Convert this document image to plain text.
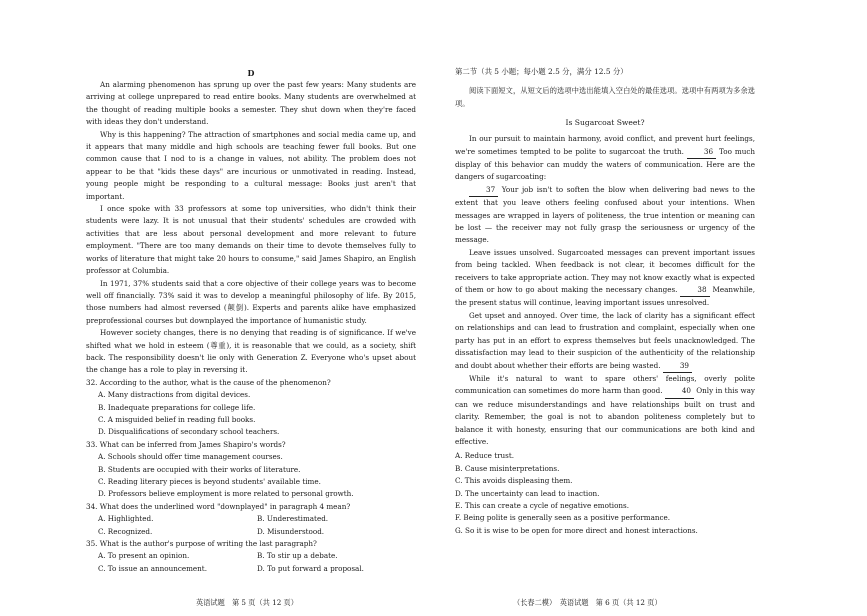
D

An alarming phenomenon has sprung up over the past few years: Many students are arriving at college unprepared to read entire books. Many students are overwhelmed at the thought of reading multiple books a semester. They shut down when they're faced with ideas they don't understand.

Why is this happening? The attraction of smartphones and social media came up, and it appears that many middle and high schools are teaching fewer full books. But one common cause that I nod to is a change in values, not ability. The problem does not appear to be that "kids these days" are incurious or unmotivated in reading. Instead, young people might be responding to a cultural message: Books just aren't that important.

I once spoke with 33 professors at some top universities, who didn't think their students were lazy. It is not unusual that their students' schedules are crowded with activities that are less about personal development and more relevant to future employment. "There are too many demands on their time to devote themselves fully to works of literature that might take 20 hours to consume," said James Shapiro, an English professor at Columbia.

In 1971, 37% students said that a core objective of their college years was to become well off financially. 73% said it was to develop a meaningful philosophy of life. By 2015, those numbers had almost reversed (颠倒). Experts and parents alike have emphasized preprofessional courses but downplayed the importance of humanistic study.

However society changes, there is no denying that reading is of significance. If we've shifted what we hold in esteem (尊重), it is reasonable that we could, as a society, shift back. The responsibility doesn't lie only with Generation Z. Everyone who's upset about the change has a role to play in reversing it.

32. According to the author, what is the cause of the phenomenon?

A. Many distractions from digital devices.

B. Inadequate preparations for college life.

C. A misguided belief in reading full books.

D. Disqualifications of secondary school teachers.

33. What can be inferred from James Shapiro's words?

A. Schools should offer time management courses.

B. Students are occupied with their works of literature.

C. Reading literary pieces is beyond students' available time.

D. Professors believe employment is more related to personal growth.

34. What does the underlined word "downplayed" in paragraph 4 mean?

A. Highlighted.	B. Underestimated.
C. Recognized.	D. Misunderstood.

35. What is the author's purpose of writing the last paragraph?

A. To present an opinion.	B. To stir up a debate.
C. To issue an announcement.	D. To put forward a proposal.
英语试题　第 5 页（共 12 页）

第二节（共 5 小题；每小题 2.5 分，满分 12.5 分）

阅读下面短文，从短文后的选项中选出能填入空白处的最佳选项。选项中有两项为多余选项。

Is Sugarcoat Sweet?

In our pursuit to maintain harmony, avoid conflict, and prevent hurt feelings, we're sometimes tempted to be polite to sugarcoat the truth.	36 Too much display of this behavior can muddy the waters of communication. Here are the dangers of sugarcoating:

37 Your job isn't to soften the blow when delivering bad news to the extent that you leave others feeling confused about your intentions. When messages are wrapped in layers of politeness, the true intention or meaning can be lost — the receiver may not fully grasp the seriousness or urgency of the message.

Leave issues unsolved. Sugarcoated messages can prevent important issues from being tackled. When feedback is not clear, it becomes difficult for the receivers to take appropriate action. They may not know exactly what is expected of them or how to go about making the necessary changes.	38 Meanwhile, the present status will continue, leaving important issues unresolved.

Get upset and annoyed. Over time, the lack of clarity has a significant effect on relationships and can lead to frustration and complaint, especially when one party has put in an effort to express themselves but feels unacknowledged. The dissatisfaction may lead to their suspicion of the authenticity of the relationship and doubt about whether their efforts are being wasted.	39

While it's natural to want to spare others' feelings, overly polite communication can sometimes do more harm than good.	40 Only in this way can we reduce misunderstandings and have relationships built on trust and clarity. Remember, the goal is not to abandon politeness completely but to balance it with honesty, ensuring that our communications are both kind and effective.

A. Reduce trust.

B. Cause misinterpretations.

C. This avoids displeasing them.

D. The uncertainty can lead to inaction.

E. This can create a cycle of negative emotions.

F. Being polite is generally seen as a positive performance.

G. So it is wise to be open for more direct and honest interactions.

（长春二模）　英语试题　第 6 页（共 12 页）
